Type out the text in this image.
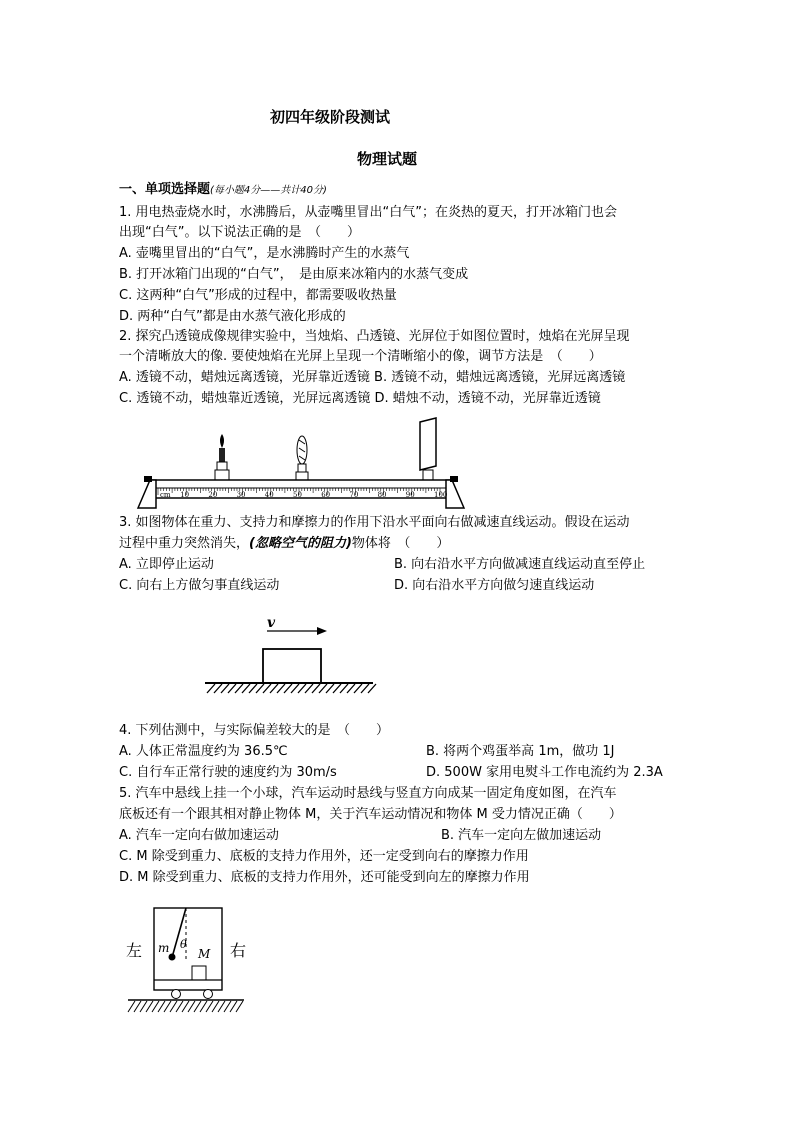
初四年级阶段测试
物理试题
一、单项选择题(每小题4分——共计40分)
1. 用电热壶烧水时，水沸腾后，从壶嘴里冒出“白气”；在炎热的夏天，打开冰箱门也会
出现“白气”。以下说法正确的是　（　　）
A. 壶嘴里冒出的“白气”，是水沸腾时产生的水蒸气
B. 打开冰箱门出现的“白气”，　是由原来冰箱内的水蒸气变成
C. 这两种“白气”形成的过程中，都需要吸收热量
D. 两种“白气”都是由水蒸气液化形成的
2. 探究凸透镜成像规律实验中，当烛焰、凸透镜、光屏位于如图位置时，烛焰在光屏呈现
一个清晰放大的像. 要使烛焰在光屏上呈现一个清晰缩小的像，调节方法是　（　　）
A. 透镜不动，蜡烛远离透镜，光屏靠近透镜 B. 透镜不动，蜡烛远离透镜，光屏远离透镜
C. 透镜不动，蜡烛靠近透镜，光屏远离透镜 D. 蜡烛不动，透镜不动，光屏靠近透镜
cm 10	20	30	40	50	60	70	80	90	100
3. 如图物体在重力、支持力和摩擦力的作用下沿水平面向右做减速直线运动。假设在运动
过程中重力突然消失，(忽略空气的阻力)物体将　（　　）
A. 立即停止运动	B. 向右沿水平方向做减速直线运动直至停止
C. 向右上方做匀事直线运动	D. 向右沿水平方向做匀速直线运动
v
4. 下列估测中，与实际偏差较大的是　（　　）
A. 人体正常温度约为 36.5℃	B. 将两个鸡蛋举高 1m，做功 1J
C. 自行车正常行驶的速度约为 30m/s	D. 500W 家用电熨斗工作电流约为 2.3A
5. 汽车中悬线上挂一个小球，汽车运动时悬线与竖直方向成某一固定角度如图，在汽车
底板还有一个跟其相对静止物体 M，关于汽车运动情况和物体 M 受力情况正确（　　）
A. 汽车一定向右做加速运动	B. 汽车一定向左做加速运动
C. M 除受到重力、底板的支持力作用外，还一定受到向右的摩擦力作用
D. M 除受到重力、底板的支持力作用外，还可能受到向左的摩擦力作用
左	右
m θ
M
